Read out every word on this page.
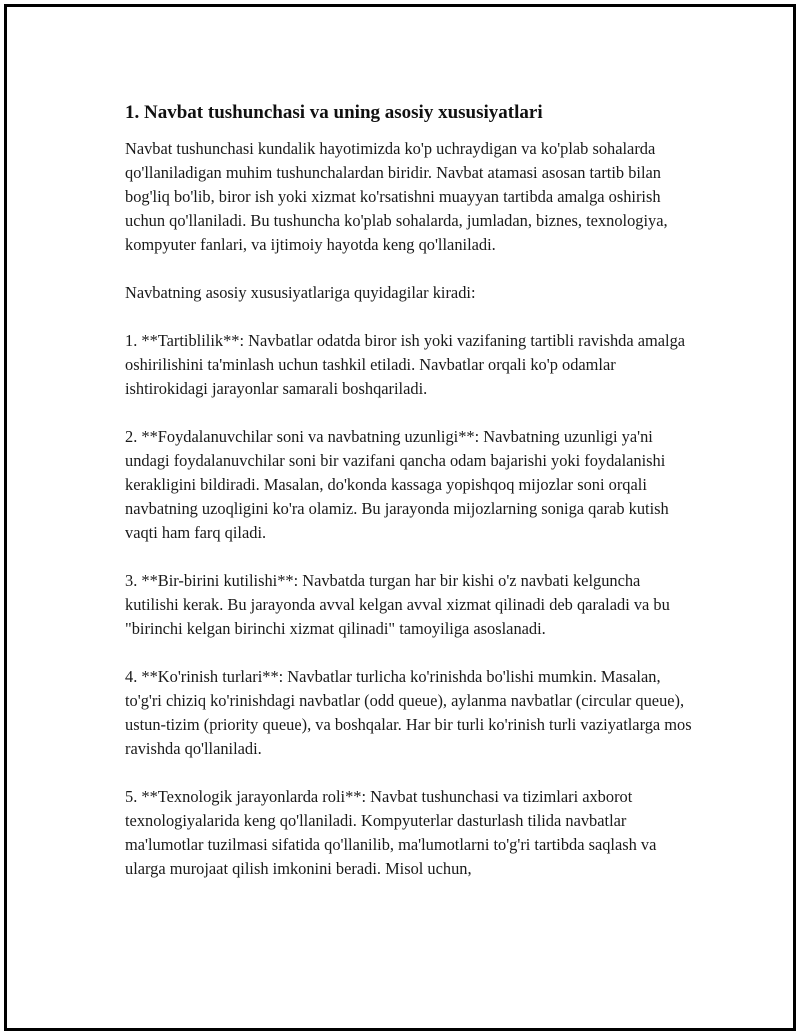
1. Navbat tushunchasi va uning asosiy xususiyatlari

Navbat tushunchasi kundalik hayotimizda ko'p uchraydigan va ko'plab sohalarda qo'llaniladigan muhim tushunchalardan biridir. Navbat atamasi asosan tartib bilan bog'liq bo'lib, biror ish yoki xizmat ko'rsatishni muayyan tartibda amalga oshirish uchun qo'llaniladi. Bu tushuncha ko'plab sohalarda, jumladan, biznes, texnologiya, kompyuter fanlari, va ijtimoiy hayotda keng qo'llaniladi.

Navbatning asosiy xususiyatlariga quyidagilar kiradi:

1. **Tartiblilik**: Navbatlar odatda biror ish yoki vazifaning tartibli ravishda amalga oshirilishini ta'minlash uchun tashkil etiladi. Navbatlar orqali ko'p odamlar ishtirokidagi jarayonlar samarali boshqariladi.

2. **Foydalanuvchilar soni va navbatning uzunligi**: Navbatning uzunligi ya'ni undagi foydalanuvchilar soni bir vazifani qancha odam bajarishi yoki foydalanishi kerakligini bildiradi. Masalan, do'konda kassaga yopishqoq mijozlar soni orqali navbatning uzoqligini ko'ra olamiz. Bu jarayonda mijozlarning soniga qarab kutish vaqti ham farq qiladi.

3. **Bir-birini kutilishi**: Navbatda turgan har bir kishi o'z navbati kelguncha kutilishi kerak. Bu jarayonda avval kelgan avval xizmat qilinadi deb qaraladi va bu "birinchi kelgan birinchi xizmat qilinadi" tamoyiliga asoslanadi.

4. **Ko'rinish turlari**: Navbatlar turlicha ko'rinishda bo'lishi mumkin. Masalan, to'g'ri chiziq ko'rinishdagi navbatlar (odd queue), aylanma navbatlar (circular queue), ustun-tizim (priority queue), va boshqalar. Har bir turli ko'rinish turli vaziyatlarga mos ravishda qo'llaniladi.

5. **Texnologik jarayonlarda roli**: Navbat tushunchasi va tizimlari axborot texnologiyalarida keng qo'llaniladi. Kompyuterlar dasturlash tilida navbatlar ma'lumotlar tuzilmasi sifatida qo'llanilib, ma'lumotlarni to'g'ri tartibda saqlash va ularga murojaat qilish imkonini beradi. Misol uchun,
